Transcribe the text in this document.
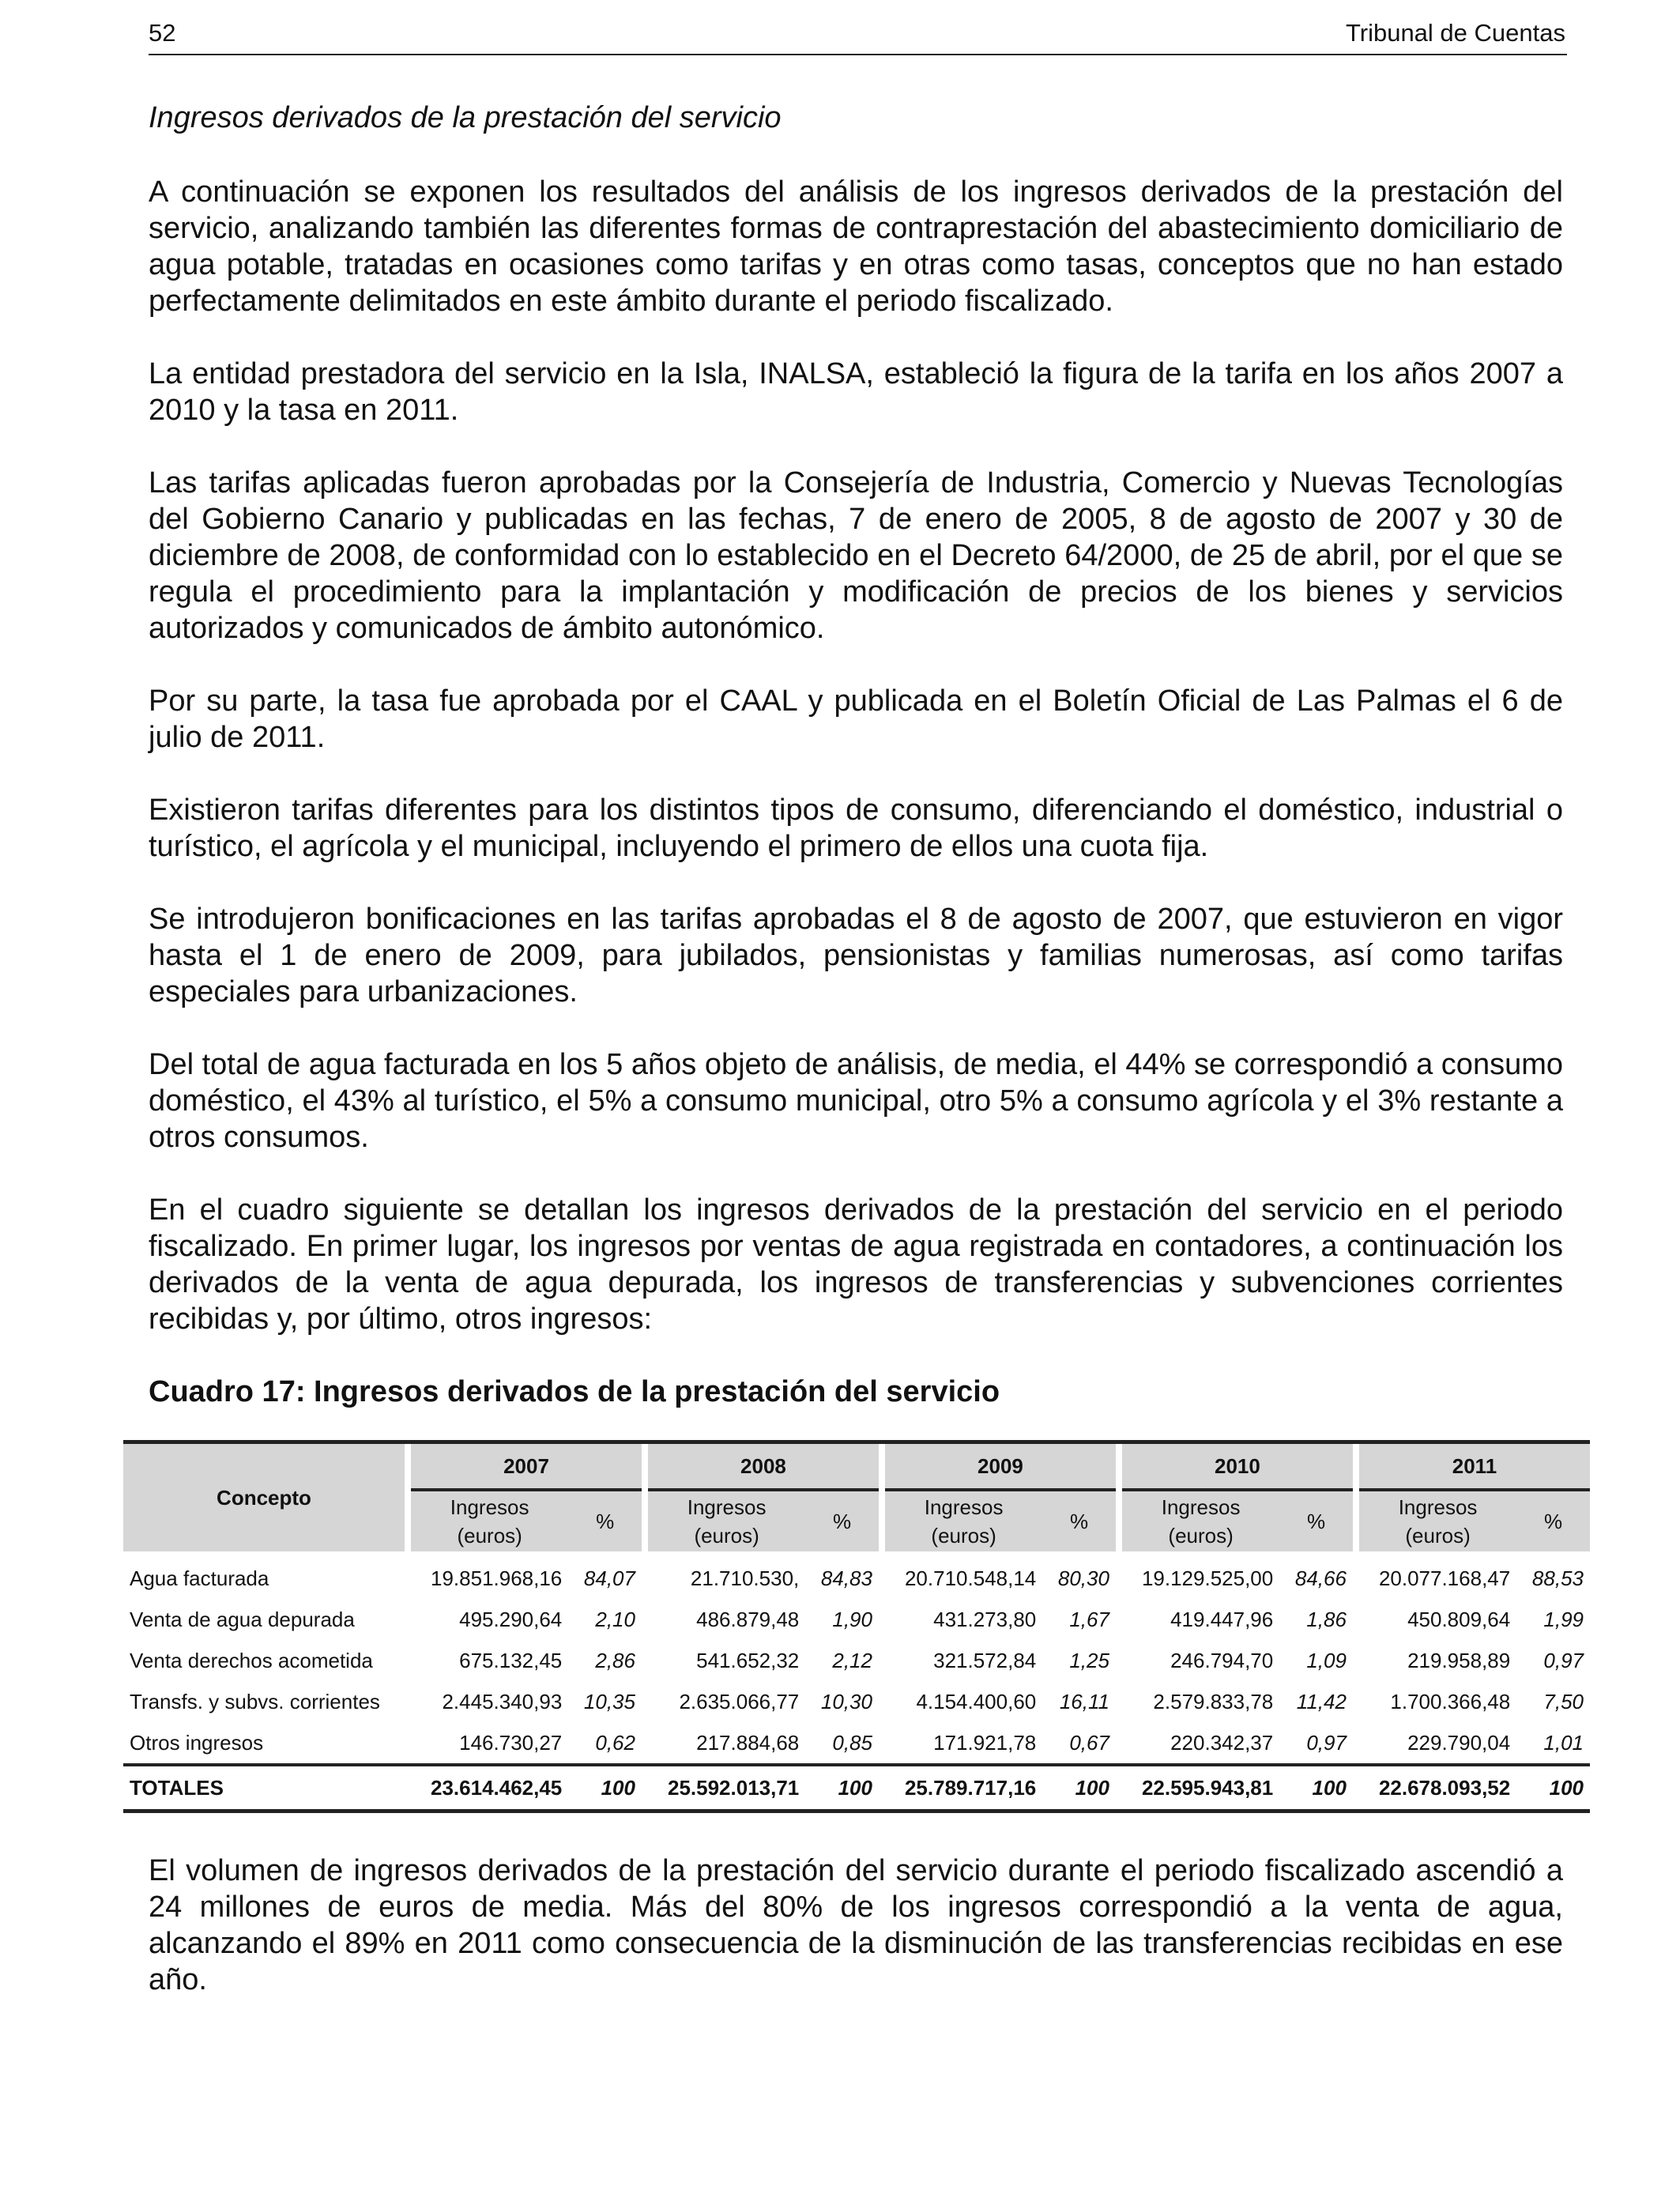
52	Tribunal de Cuentas

Ingresos derivados de la prestación del servicio

A continuación se exponen los resultados del análisis de los ingresos derivados de la prestación del servicio, analizando también las diferentes formas de contraprestación del abastecimiento domiciliario de agua potable, tratadas en ocasiones como tarifas y en otras como tasas, conceptos que no han estado perfectamente delimitados en este ámbito durante el periodo fiscalizado.

La entidad prestadora del servicio en la Isla, INALSA, estableció la figura de la tarifa en los años 2007 a 2010 y la tasa en 2011.

Las tarifas aplicadas fueron aprobadas por la Consejería de Industria, Comercio y Nuevas Tecnologías del Gobierno Canario y publicadas en las fechas, 7 de enero de 2005, 8 de agosto de 2007 y 30 de diciembre de 2008, de conformidad con lo establecido en el Decreto 64/2000, de 25 de abril, por el que se regula el procedimiento para la implantación y modificación de precios de los bienes y servicios autorizados y comunicados de ámbito autonómico.

Por su parte, la tasa fue aprobada por el CAAL y publicada en el Boletín Oficial de Las Palmas el 6 de julio de 2011.

Existieron tarifas diferentes para los distintos tipos de consumo, diferenciando el doméstico, industrial o turístico, el agrícola y el municipal, incluyendo el primero de ellos una cuota fija.

Se introdujeron bonificaciones en las tarifas aprobadas el 8 de agosto de 2007, que estuvieron en vigor hasta el 1 de enero de 2009, para jubilados, pensionistas y familias numerosas, así como tarifas especiales para urbanizaciones.

Del total de agua facturada en los 5 años objeto de análisis, de media, el 44% se correspondió a consumo doméstico, el 43% al turístico, el 5% a consumo municipal, otro 5% a consumo agrícola y el 3% restante a otros consumos.

En el cuadro siguiente se detallan los ingresos derivados de la prestación del servicio en el periodo fiscalizado. En primer lugar, los ingresos por ventas de agua registrada en contadores, a continuación los derivados de la venta de agua depurada, los ingresos de transferencias y subvenciones corrientes recibidas y, por último, otros ingresos:

Cuadro 17: Ingresos derivados de la prestación del servicio

Concepto		2007			2008			2009			2010			2011	
		Ingresos
(euros)	%		Ingresos
(euros)	%		Ingresos
(euros)	%		Ingresos
(euros)	%		Ingresos
(euros)	%
Agua facturada	19.851.968,16		84,07	21.710.530,		84,83	20.710.548,14		80,30	19.129.525,00		84,66	20.077.168,47		88,53
Venta de agua depurada	495.290,64		2,10	486.879,48		1,90	431.273,80		1,67	419.447,96		1,86	450.809,64		1,99
Venta derechos acometida	675.132,45		2,86	541.652,32		2,12	321.572,84		1,25	246.794,70		1,09	219.958,89		0,97
Transfs. y subvs. corrientes	2.445.340,93		10,35	2.635.066,77		10,30	4.154.400,60		16,11	2.579.833,78		11,42	1.700.366,48		7,50
Otros ingresos	146.730,27		0,62	217.884,68		0,85	171.921,78		0,67	220.342,37		0,97	229.790,04		1,01
TOTALES	23.614.462,45		100	25.592.013,71		100	25.789.717,16		100	22.595.943,81		100	22.678.093,52		100

El volumen de ingresos derivados de la prestación del servicio durante el periodo fiscalizado ascendió a 24 millones de euros de media. Más del 80% de los ingresos correspondió a la venta de agua, alcanzando el 89% en 2011 como consecuencia de la disminución de las transferencias recibidas en ese año.
